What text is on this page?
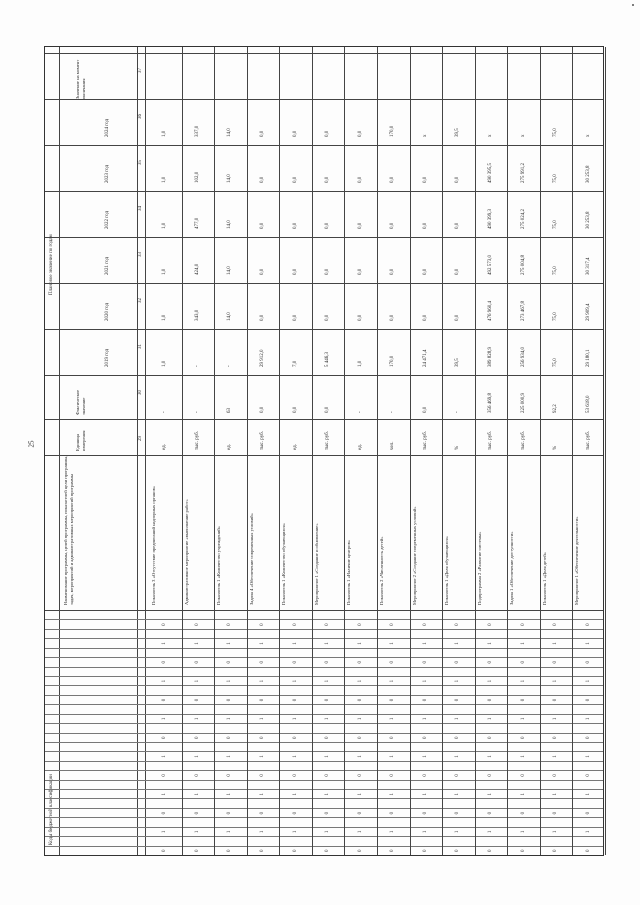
25
Коды бюджетной классификации
Наименование программы, целей программы, показателей цели программы, задач, мероприятий и административных мероприятий программы
Единица измерения
Фактическое значение
Плановое значение по годам
Значение на момент окончания
2019 год
2020 год
2021 год
2022 год
2023 год
2024 год
29
30
31
32
33
34
35
36
37
Показатель 3 «Отсутствие предписаний надзорных органов»
ед.
-
1,0
1,0
1,0
1,0
1,0
1,0
0
1
0
1
0
1
0
1
0
1
0
1
0
Административное мероприятие «выполнение работ»
тыс. руб.
-
-
343,0
424,0
477,0
102,0
337,0
0
1
0
1
0
1
0
1
0
1
0
1
0
Показатель 1 «Количество учреждений»
ед.
63
-
14,0
14,0
14,0
14,0
14,0
0
1
0
1
0
1
0
1
0
1
0
1
0
Задача 4 «Обеспечение современных условий»
тыс. руб.
0,0
29 912,0
0,0
0,0
0,0
0,0
0,0
0
1
0
1
0
1
0
1
0
1
0
1
0
Показатель 1 «Количество обучающихся»
ед.
0,0
7,0
0,0
0,0
0,0
0,0
0,0
0
1
0
1
0
1
0
1
0
1
0
1
0
Мероприятие 1 «Создание и обновление»
тыс. руб.
0,0
5 446,3
0,0
0,0
0,0
0,0
0,0
0
1
0
1
0
1
0
1
0
1
0
1
0
Показатель 1 «Наличие центров»
ед.
-
1,0
0,0
0,0
0,0
0,0
0,0
0
1
0
1
0
1
0
1
0
1
0
1
0
Показатель 2 «Численность детей»
чел.
-
170,0
0,0
0,0
0,0
0,0
170,0
0
1
0
1
0
1
0
1
0
1
0
1
0
Мероприятие 2 «Создание современных условий»
тыс. руб.
0,0
24 471,4
0,0
0,0
0,0
0,0
x
0
1
0
1
0
1
0
1
0
1
0
1
0
Показатель 1 «Доля обучающихся»
%
-
39,5
0,0
0,0
0,0
0,0
39,5
0
1
0
1
0
1
0
1
0
1
0
1
0
Подпрограмма 2 «Развитие системы»
тыс. руб.
356 469,8
389 828,9
476 960,4
492 573,0
490 399,3
490 395,5
x
0
1
0
1
0
1
0
1
0
1
0
1
0
Задача 1 «Обеспечение доступности»
тыс. руб.
225 000,9
256 934,0
273 467,8
275 004,8
275 024,2
275 991,2
x
0
1
0
1
0
1
0
1
0
1
0
1
0
Показатель 1 «Доля детей»
%
92,2
75,0
75,0
75,0
75,0
75,0
75,0
0
1
0
1
0
1
0
1
0
1
0
1
0
Мероприятие 1 «Обеспечение деятельности»
тыс. руб.
53 618,0
29 180,1
29 909,4
30 317,4
30 253,8
30 253,8
x
0
1
0
1
0
1
0
1
0
1
0
1
0
